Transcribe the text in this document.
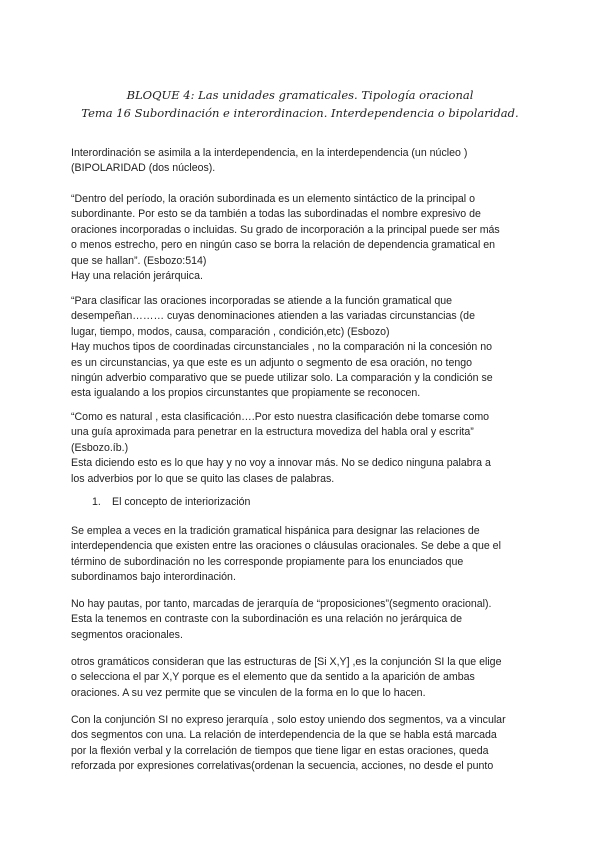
BLOQUE 4: Las unidades gramaticales. Tipología oracional
Tema 16 Subordinación e interordinacion. Interdependencia o bipolaridad.
Interordinación se asimila a la interdependencia, en la interdependencia (un núcleo )
(BIPOLARIDAD (dos núcleos).
“Dentro del período, la oración subordinada es un elemento sintáctico de la principal o
subordinante. Por esto se da también a todas las subordinadas el nombre expresivo de
oraciones incorporadas o incluidas. Su grado de incorporación a la principal puede ser más
o menos estrecho, pero en ningún caso se borra la relación de dependencia gramatical en
que se hallan”. (Esbozo:514)
Hay una relación jerárquica.
“Para clasificar las oraciones incorporadas se atiende a la función gramatical que
desempeñan……… cuyas denominaciones atienden a las variadas circunstancias (de
lugar, tiempo, modos, causa, comparación , condición,etc) (Esbozo)
Hay muchos tipos de coordinadas circunstanciales , no la comparación ni la concesión no
es un circunstancias, ya que este es un adjunto o segmento de esa oración, no tengo
ningún adverbio comparativo que se puede utilizar solo. La comparación y la condición se
esta igualando a los propios circunstantes que propiamente se reconocen.
“Como es natural , esta clasificación….Por esto nuestra clasificación debe tomarse como
una guía aproximada para penetrar en la estructura movediza del habla oral y escrita”
(Esbozo.íb.)
Esta diciendo esto es lo que hay y no voy a innovar más. No se dedico ninguna palabra a
los adverbios por lo que se quito las clases de palabras.
1. El concepto de interiorización
Se emplea a veces en la tradición gramatical hispánica para designar las relaciones de
interdependencia que existen entre las oraciones o cláusulas oracionales. Se debe a que el
término de subordinación no les corresponde propiamente para los enunciados que
subordinamos bajo interordinación.
No hay pautas, por tanto, marcadas de jerarquía de “proposiciones”(segmento oracional).
Esta la tenemos en contraste con la subordinación es una relación no jerárquica de
segmentos oracionales.
otros gramáticos consideran que las estructuras de [Si X,Y] ,es la conjunción SI la que elige
o selecciona el par X,Y porque es el elemento que da sentido a la aparición de ambas
oraciones. A su vez permite que se vinculen de la forma en lo que lo hacen.
Con la conjunción SI no expreso jerarquía , solo estoy uniendo dos segmentos, va a vincular
dos segmentos con una. La relación de interdependencia de la que se habla está marcada
por la flexión verbal y la correlación de tiempos que tiene ligar en estas oraciones, queda
reforzada por expresiones correlativas(ordenan la secuencia, acciones, no desde el punto
